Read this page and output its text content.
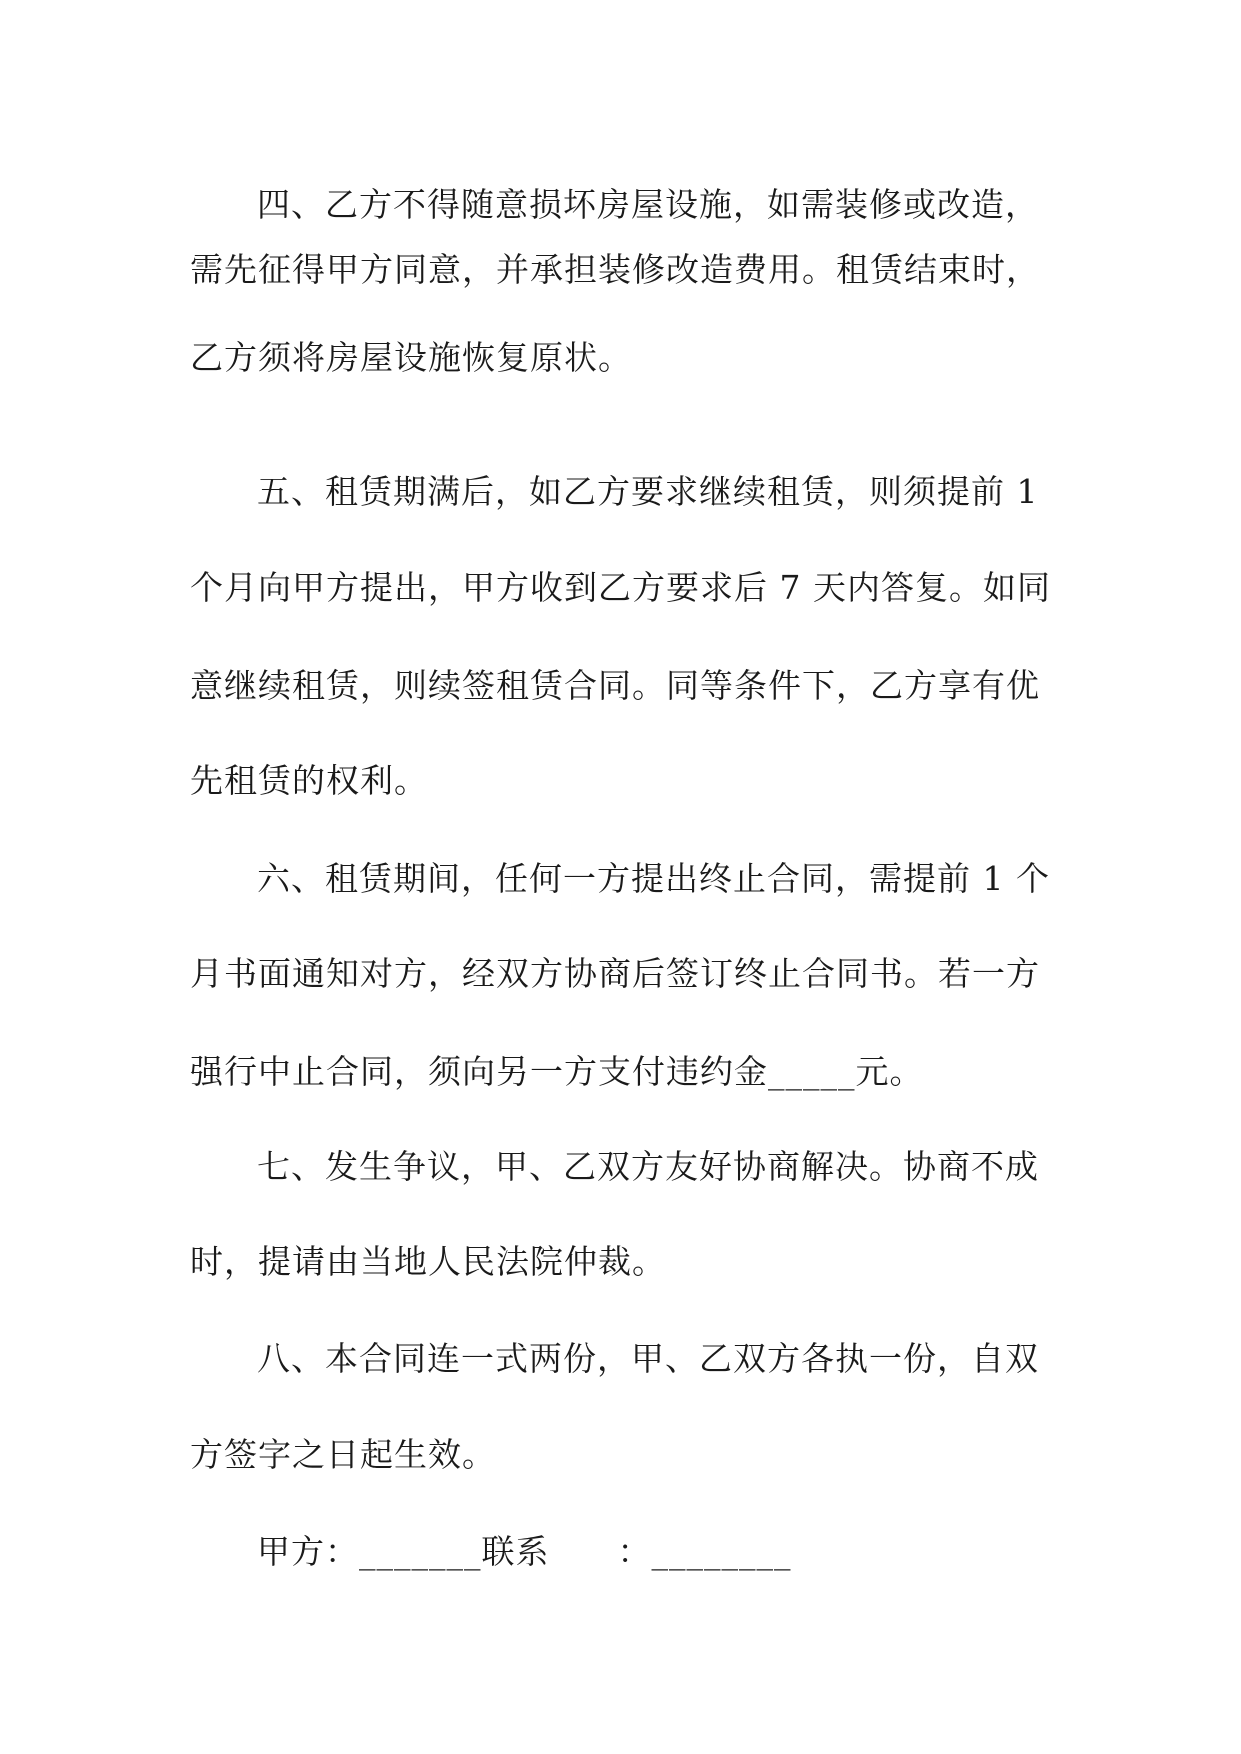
四、乙方不得随意损坏房屋设施，如需装修或改造，
需先征得甲方同意，并承担装修改造费用。租赁结束时，
乙方须将房屋设施恢复原状。
五、租赁期满后，如乙方要求继续租赁，则须提前 1
个月向甲方提出，甲方收到乙方要求后 7 天内答复。如同
意继续租赁，则续签租赁合同。同等条件下，乙方享有优
先租赁的权利。
六、租赁期间，任何一方提出终止合同，需提前 1 个
月书面通知对方，经双方协商后签订终止合同书。若一方
强行中止合同，须向另一方支付违约金_____元。
七、发生争议，甲、乙双方友好协商解决。协商不成
时，提请由当地人民法院仲裁。
八、本合同连一式两份，甲、乙双方各执一份，自双
方签字之日起生效。
甲方：_______联系　　：________
